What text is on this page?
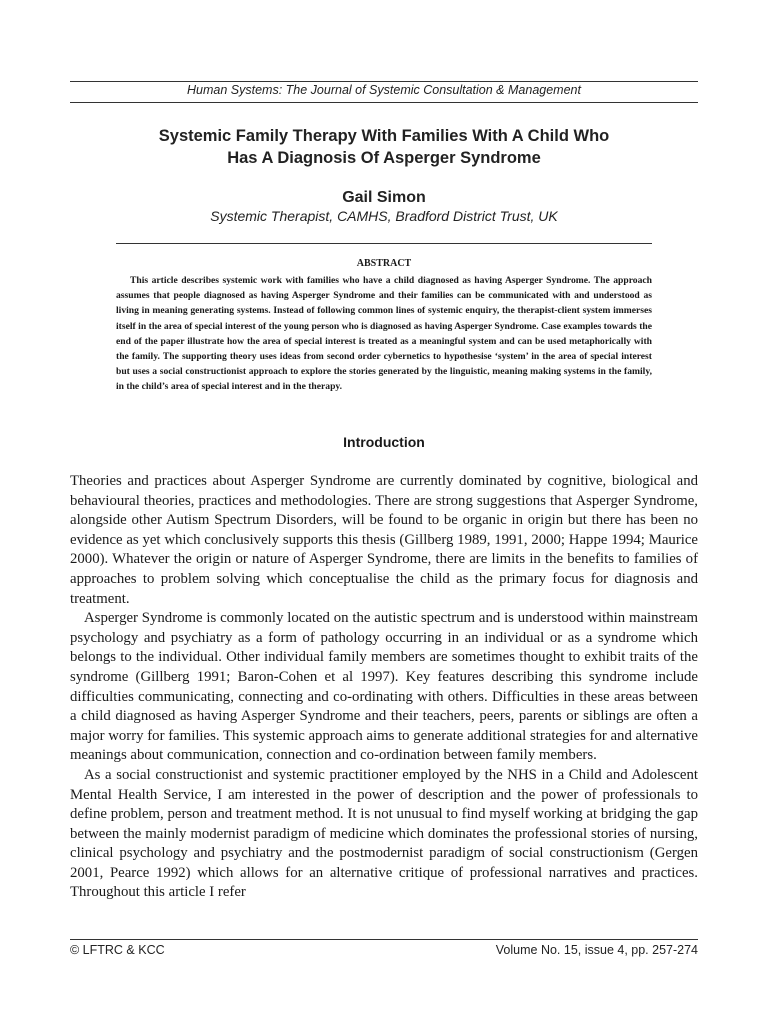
Human Systems: The Journal of Systemic Consultation & Management

Systemic Family Therapy With Families With A Child Who
Has A Diagnosis Of Asperger Syndrome

Gail Simon

Systemic Therapist, CAMHS, Bradford District Trust, UK

ABSTRACT

This article describes systemic work with families who have a child diagnosed as having Asperger Syndrome. The approach assumes that people diagnosed as having Asperger Syndrome and their families can be communicated with and understood as living in meaning generating systems. Instead of following common lines of systemic enquiry, the therapist-client system immerses itself in the area of special interest of the young person who is diagnosed as having Asperger Syndrome. Case examples towards the end of the paper illustrate how the area of special interest is treated as a meaningful system and can be used metaphorically with the family. The supporting theory uses ideas from second order cybernetics to hypothesise ‘system’ in the area of special interest but uses a social constructionist approach to explore the stories generated by the linguistic, meaning making systems in the family, in the child’s area of special interest and in the therapy.

Introduction

Theories and practices about Asperger Syndrome are currently dominated by cognitive, biological and behavioural theories, practices and methodologies. There are strong suggestions that Asperger Syndrome, alongside other Autism Spectrum Disorders, will be found to be organic in origin but there has been no evidence as yet which conclusively supports this thesis (Gillberg 1989, 1991, 2000; Happe 1994; Maurice 2000). Whatever the origin or nature of Asperger Syndrome, there are limits in the benefits to families of approaches to problem solving which conceptualise the child as the primary focus for diagnosis and treatment.

Asperger Syndrome is commonly located on the autistic spectrum and is understood within mainstream psychology and psychiatry as a form of pathology occurring in an individual or as a syndrome which belongs to the individual. Other individual family members are sometimes thought to exhibit traits of the syndrome (Gillberg 1991; Baron-Cohen et al 1997). Key features describing this syndrome include difficulties communicating, connecting and co-ordinating with others. Difficulties in these areas between a child diagnosed as having Asperger Syndrome and their teachers, peers, parents or siblings are often a major worry for families. This systemic approach aims to generate additional strategies for and alternative meanings about communication, connection and co-ordination between family members.

As a social constructionist and systemic practitioner employed by the NHS in a Child and Adolescent Mental Health Service, I am interested in the power of description and the power of professionals to define problem, person and treatment method. It is not unusual to find myself working at bridging the gap between the mainly modernist paradigm of medicine which dominates the professional stories of nursing, clinical psychology and psychiatry and the postmodernist paradigm of social constructionism (Gergen 2001, Pearce 1992) which allows for an alternative critique of professional narratives and practices. Throughout this article I refer

© LFTRC & KCC	Volume No. 15, issue 4, pp. 257-274
